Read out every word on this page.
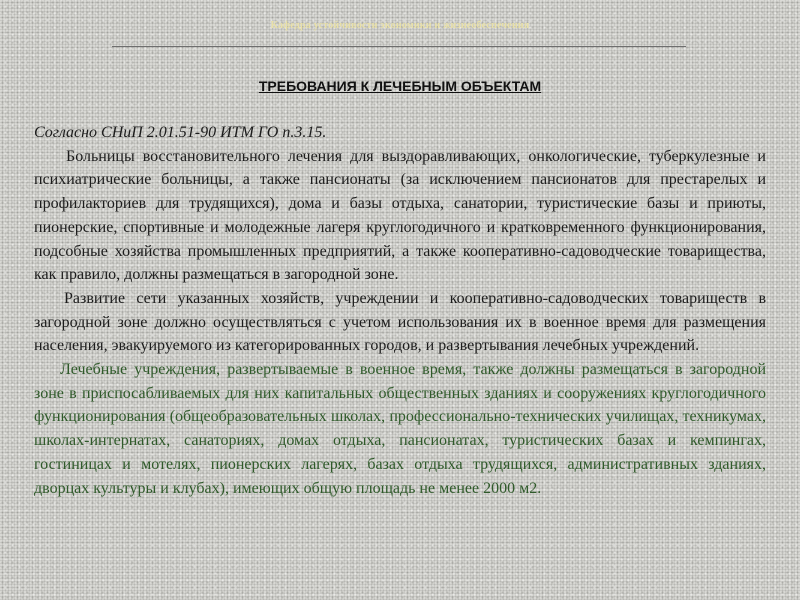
Кафедра устойчивости экономики и жизнеобеспечения
ТРЕБОВАНИЯ К ЛЕЧЕБНЫМ ОБЪЕКТАМ

Согласно СНиП 2.01.51-90 ИТМ ГО п.3.15.

Больницы восстановительного лечения для выздоравливающих, онкологические, туберкулезные и психиатрические больницы, а также пансионаты (за исключением пансионатов для престарелых и профилакториев для трудящихся), дома и базы отдыха, санатории, туристические базы и приюты, пионерские, спортивные и молодежные лагеря круглогодичного и кратковременного функционирования, подсобные хозяйства промышленных предприятий, а также кооперативно-садоводческие товарищества, как правило, должны размещаться в загородной зоне.

Развитие сети указанных хозяйств, учреждении и кооперативно-садоводческих товариществ в загородной зоне должно осуществляться с учетом использования их в военное время для размещения населения, эвакуируемого из категорированных городов, и развертывания лечебных учреждений.

Лечебные учреждения, развертываемые в военное время, также должны размещаться в загородной зоне в приспосабливаемых для них капитальных общественных зданиях и сооружениях круглогодичного функционирования (общеобразовательных школах, профессионально-технических училищах, техникумах, школах-интернатах, санаториях, домах отдыха, пансионатах, туристических базах и кемпингах, гостиницах и мотелях, пионерских лагерях, базах отдыха трудящихся, административных зданиях, дворцах культуры и клубах), имеющих общую площадь не менее 2000 м2.
